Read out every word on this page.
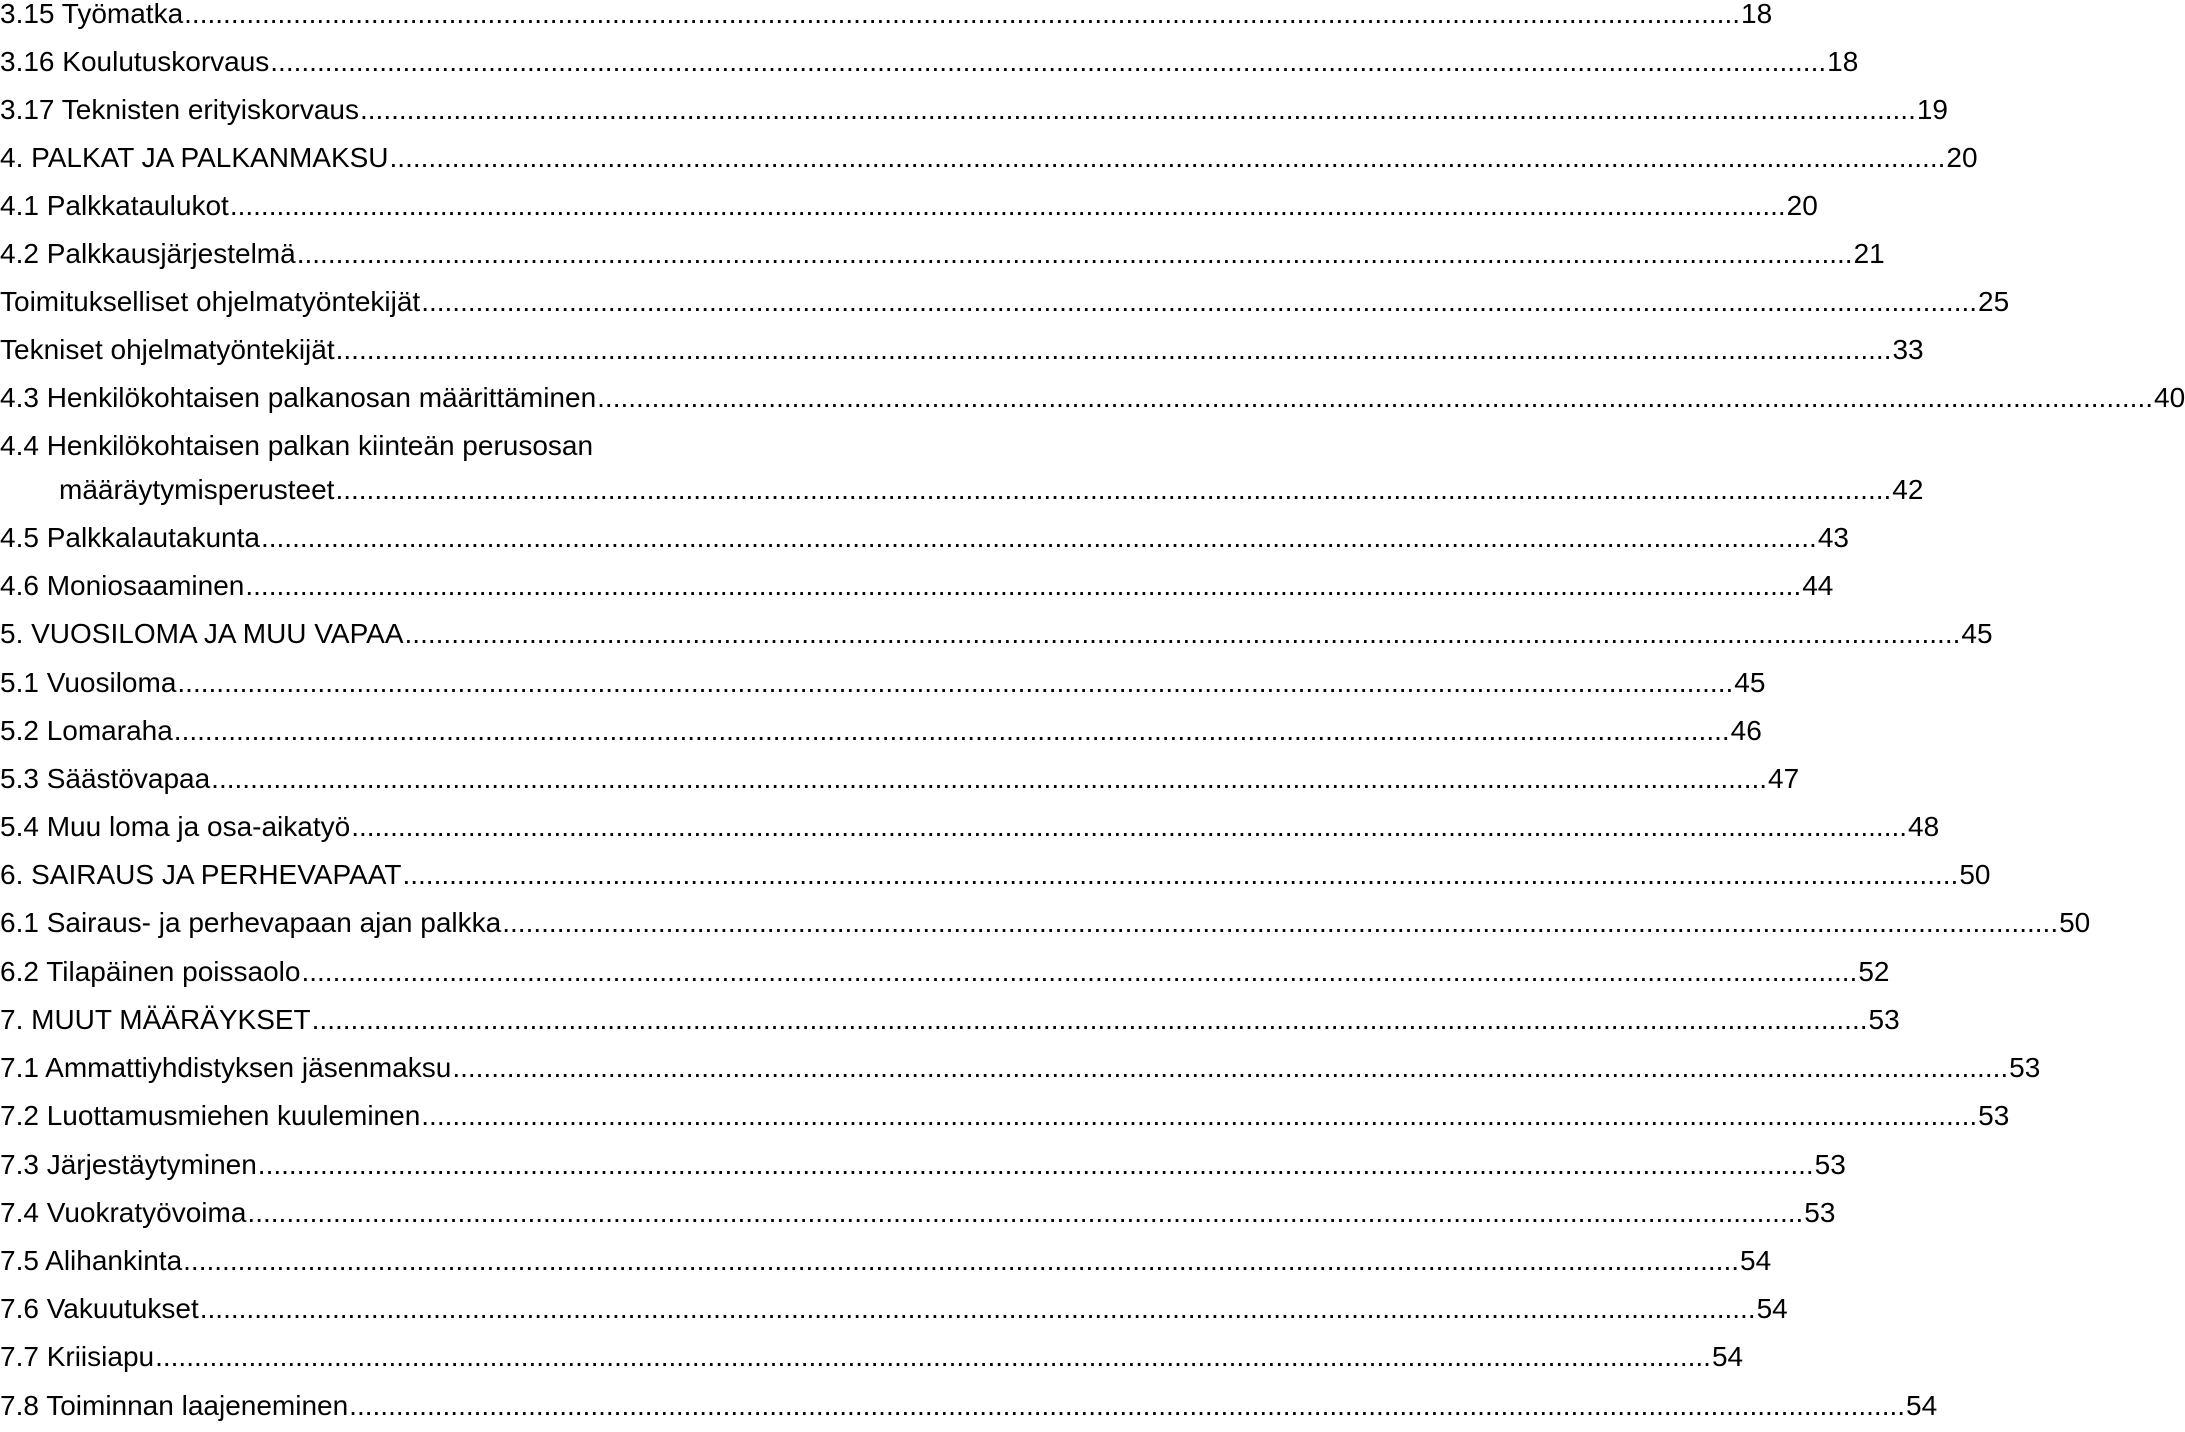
3.15 Työmatka ........................................................................................................................................................................................................ 18
3.16 Koulutuskorvaus ........................................................................................................................................................................................................ 18
3.17 Teknisten erityiskorvaus ........................................................................................................................................................................................................ 19
4. PALKAT JA PALKANMAKSU ........................................................................................................................................................................................................ 20
4.1 Palkkataulukot ........................................................................................................................................................................................................ 20
4.2 Palkkausjärjestelmä ........................................................................................................................................................................................................ 21
Toimitukselliset ohjelmatyöntekijät ........................................................................................................................................................................................................ 25
Tekniset ohjelmatyöntekijät ........................................................................................................................................................................................................ 33
4.3 Henkilökohtaisen palkanosan määrittäminen ........................................................................................................................................................................................................ 40
4.4 Henkilökohtaisen palkan kiinteän perusosan
määräytymisperusteet ........................................................................................................................................................................................................ 42
4.5 Palkkalautakunta ........................................................................................................................................................................................................ 43
4.6 Moniosaaminen ........................................................................................................................................................................................................ 44
5. VUOSILOMA JA MUU VAPAA ........................................................................................................................................................................................................ 45
5.1 Vuosiloma ........................................................................................................................................................................................................ 45
5.2 Lomaraha ........................................................................................................................................................................................................ 46
5.3 Säästövapaa ........................................................................................................................................................................................................ 47
5.4 Muu loma ja osa-aikatyö ........................................................................................................................................................................................................ 48
6. SAIRAUS JA PERHEVAPAAT ........................................................................................................................................................................................................ 50
6.1 Sairaus- ja perhevapaan ajan palkka ........................................................................................................................................................................................................ 50
6.2 Tilapäinen poissaolo ........................................................................................................................................................................................................ 52
7. MUUT MÄÄRÄYKSET ........................................................................................................................................................................................................ 53
7.1 Ammattiyhdistyksen jäsenmaksu ........................................................................................................................................................................................................ 53
7.2 Luottamusmiehen kuuleminen ........................................................................................................................................................................................................ 53
7.3 Järjestäytyminen ........................................................................................................................................................................................................ 53
7.4 Vuokratyövoima ........................................................................................................................................................................................................ 53
7.5 Alihankinta ........................................................................................................................................................................................................ 54
7.6 Vakuutukset ........................................................................................................................................................................................................ 54
7.7 Kriisiapu ........................................................................................................................................................................................................ 54
7.8 Toiminnan laajeneminen ........................................................................................................................................................................................................ 54
